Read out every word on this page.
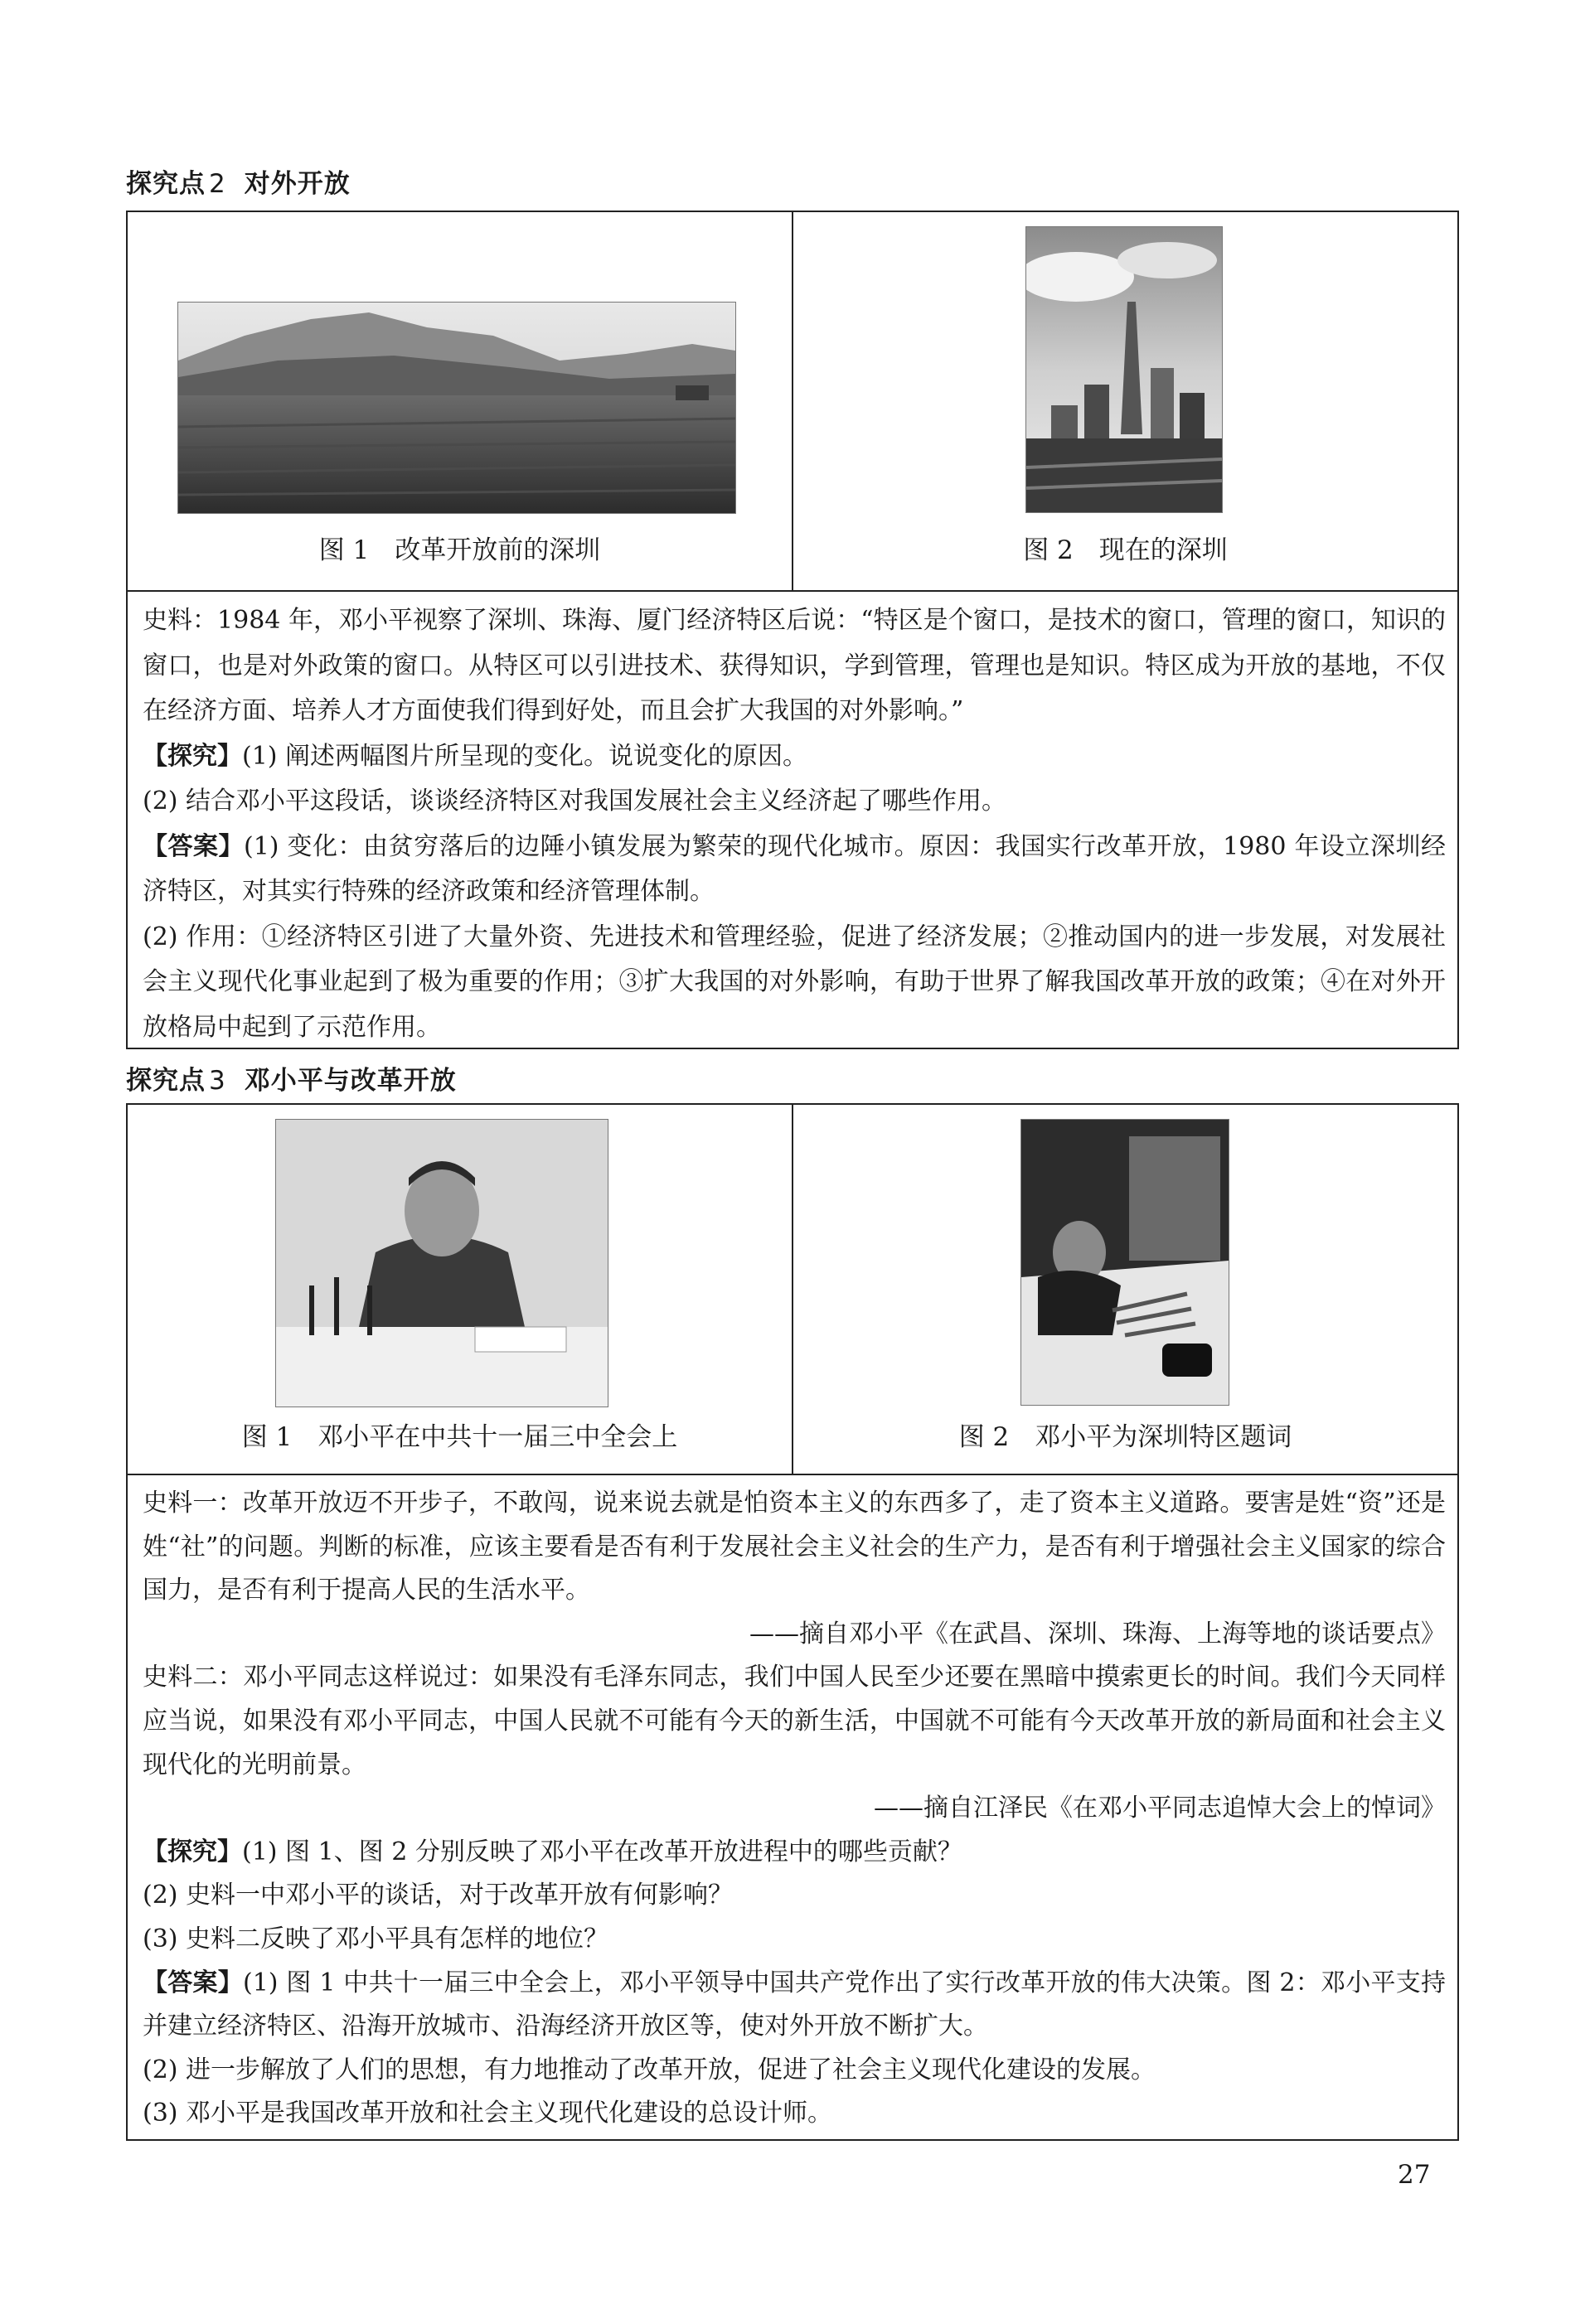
探究点 2 对外开放
图 1　改革开放前的深圳	图 2　现在的深圳

史料：1984 年，邓小平视察了深圳、珠海、厦门经济特区后说：“特区是个窗口，是技术的窗口，管理的窗口，知识的窗口，也是对外政策的窗口。从特区可以引进技术、获得知识，学到管理，管理也是知识。特区成为开放的基地，不仅在经济方面、培养人才方面使我们得到好处，而且会扩大我国的对外影响。”

【探究】(1) 阐述两幅图片所呈现的变化。说说变化的原因。

(2) 结合邓小平这段话，谈谈经济特区对我国发展社会主义经济起了哪些作用。

【答案】(1) 变化：由贫穷落后的边陲小镇发展为繁荣的现代化城市。原因：我国实行改革开放，1980 年设立深圳经济特区，对其实行特殊的经济政策和经济管理体制。

(2) 作用：①经济特区引进了大量外资、先进技术和管理经验，促进了经济发展；②推动国内的进一步发展，对发展社会主义现代化事业起到了极为重要的作用；③扩大我国的对外影响，有助于世界了解我国改革开放的政策；④在对外开放格局中起到了示范作用。

探究点 3 邓小平与改革开放
图 1　邓小平在中共十一届三中全会上	图 2　邓小平为深圳特区题词

史料一：改革开放迈不开步子，不敢闯，说来说去就是怕资本主义的东西多了，走了资本主义道路。要害是姓“资”还是姓“社”的问题。判断的标准，应该主要看是否有利于发展社会主义社会的生产力，是否有利于增强社会主义国家的综合国力，是否有利于提高人民的生活水平。

——摘自邓小平《在武昌、深圳、珠海、上海等地的谈话要点》

史料二：邓小平同志这样说过：如果没有毛泽东同志，我们中国人民至少还要在黑暗中摸索更长的时间。我们今天同样应当说，如果没有邓小平同志，中国人民就不可能有今天的新生活，中国就不可能有今天改革开放的新局面和社会主义现代化的光明前景。

——摘自江泽民《在邓小平同志追悼大会上的悼词》

【探究】(1) 图 1、图 2 分别反映了邓小平在改革开放进程中的哪些贡献？

(2) 史料一中邓小平的谈话，对于改革开放有何影响？

(3) 史料二反映了邓小平具有怎样的地位？

【答案】(1) 图 1 中共十一届三中全会上，邓小平领导中国共产党作出了实行改革开放的伟大决策。图 2：邓小平支持并建立经济特区、沿海开放城市、沿海经济开放区等，使对外开放不断扩大。

(2) 进一步解放了人们的思想，有力地推动了改革开放，促进了社会主义现代化建设的发展。

(3) 邓小平是我国改革开放和社会主义现代化建设的总设计师。

27
